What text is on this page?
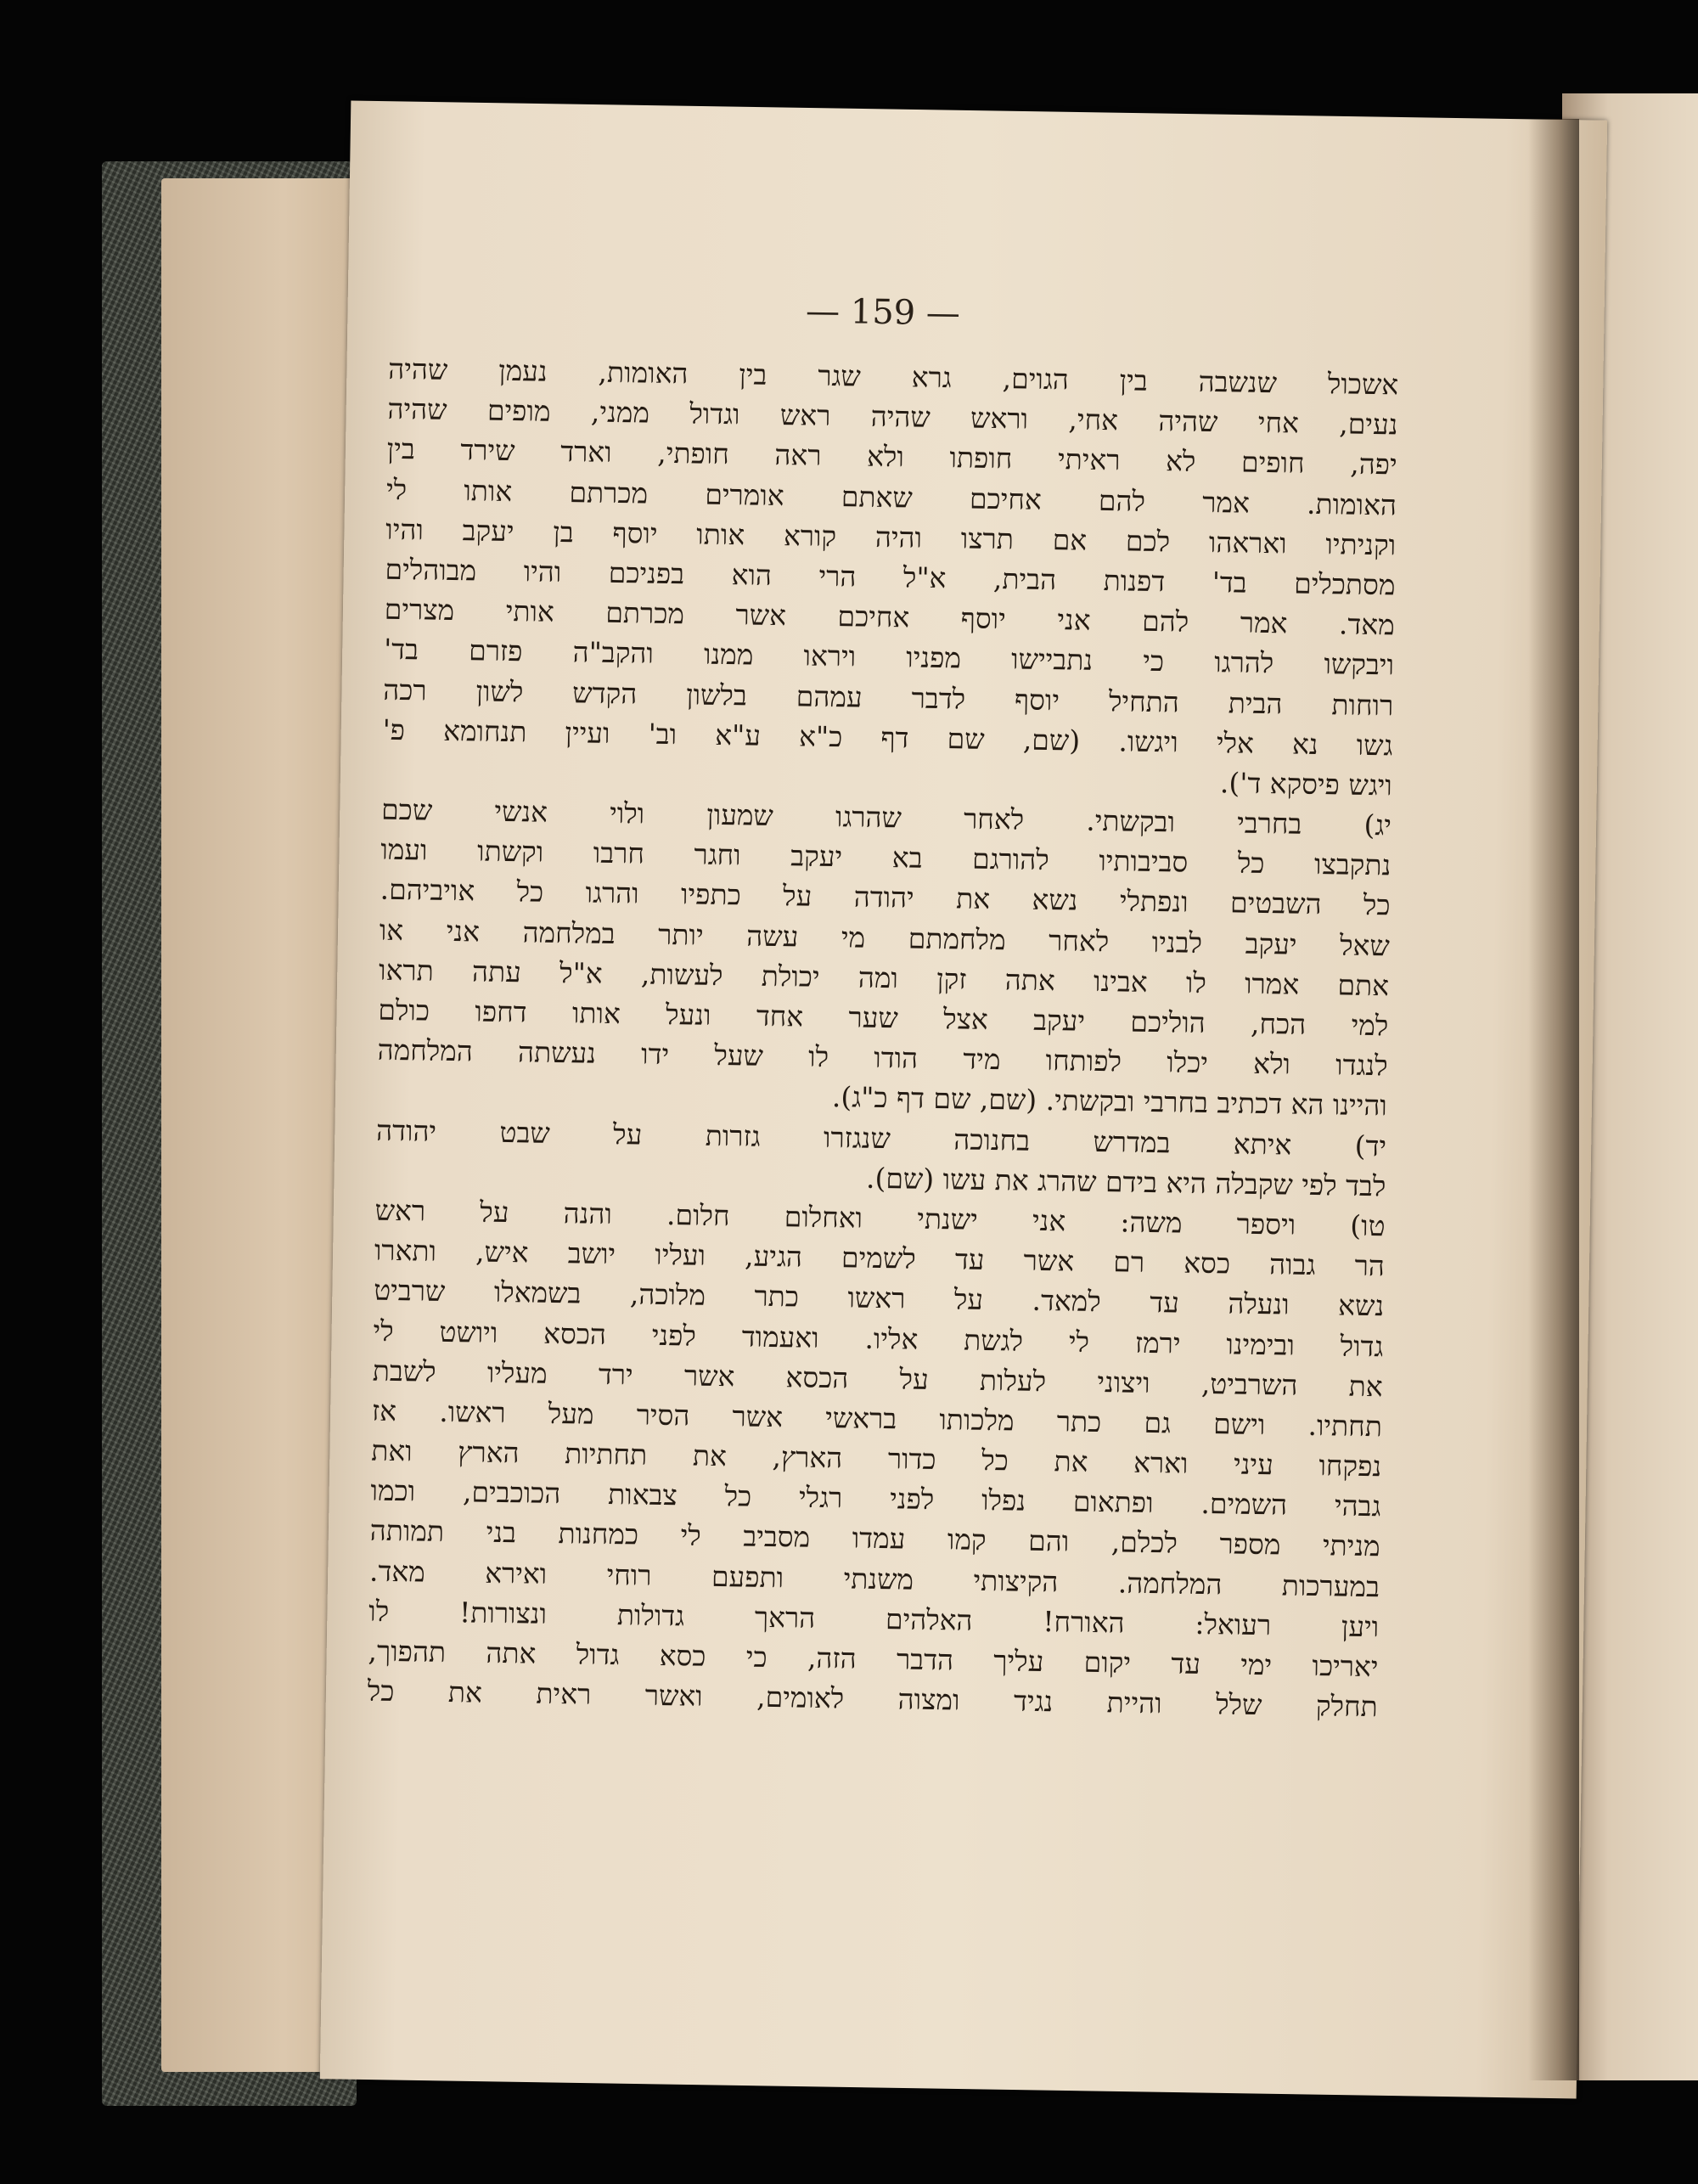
— 159 —
אשכול שנשבה בין הגוים, גרא שגר בין האומות, נעמן שהיה
נעים, אחי שהיה אחי, וראש שהיה ראש וגדול ממני, מופים שהיה
יפה, חופים לא ראיתי חופתו ולא ראה חופתי, וארד שירד בין
האומות. אמר להם אחיכם שאתם אומרים מכרתם אותו לי
וקניתיו ואראהו לכם אם תרצו והיה קורא אותו יוסף בן יעקב והיו
מסתכלים בד' דפנות הבית, א"ל הרי הוא בפניכם והיו מבוהלים
מאד. אמר להם אני יוסף אחיכם אשר מכרתם אותי מצרים
ויבקשו להרגו כי נתביישו מפניו ויראו ממנו והקב"ה פזרם בד'
רוחות הבית התחיל יוסף לדבר עמהם בלשון הקדש לשון רכה
גשו נא אלי ויגשו. (שם, שם דף כ"א ע"א וב' ועיין תנחומא פ'
ויגש פיסקא ד').
יג) בחרבי ובקשתי. לאחר שהרגו שמעון ולוי אנשי שכם
נתקבצו כל סביבותיו להורגם בא יעקב וחגר חרבו וקשתו ועמו
כל השבטים ונפתלי נשא את יהודה על כתפיו והרגו כל אויביהם.
שאל יעקב לבניו לאחר מלחמתם מי עשה יותר במלחמה אני או
אתם אמרו לו אבינו אתה זקן ומה יכולת לעשות, א"ל עתה תראו
למי הכח, הוליכם יעקב אצל שער אחד ונעל אותו דחפו כולם
לנגדו ולא יכלו לפותחו מיד הודו לו שעל ידו נעשתה המלחמה
והיינו הא דכתיב בחרבי ובקשתי. (שם, שם דף כ"ג).
יד) איתא במדרש בחנוכה שנגזרו גזרות על שבט יהודה
לבד לפי שקבלה היא בידם שהרג את עשו (שם).
טו) ויספר משה: אני ישנתי ואחלום חלום. והנה על ראש
הר גבוה כסא רם אשר עד לשמים הגיע, ועליו יושב איש, ותארו
נשא ונעלה עד למאד. על ראשו כתר מלוכה, בשמאלו שרביט
גדול ובימינו ירמז לי לגשת אליו. ואעמוד לפני הכסא ויושט לי
את השרביט, ויצוני לעלות על הכסא אשר ירד מעליו לשבת
תחתיו. וישם גם כתר מלכותו בראשי אשר הסיר מעל ראשו. אז
נפקחו עיני וארא את כל כדור הארץ, את תחתיות הארץ ואת
גבהי השמים. ופתאום נפלו לפני רגלי כל צבאות הכוכבים, וכמו
מניתי מספר לכלם, והם קמו עמדו מסביב לי כמחנות בני תמותה
במערכות המלחמה. הקיצותי משנתי ותפעם רוחי ואירא מאד.
ויען רעואל: האורח! האלהים הראך גדולות ונצורות! לו
יאריכו ימי עד יקום עליך הדבר הזה, כי כסא גדול אתה תהפוך,
תחלק שלל והיית נגיד ומצוה לאומים, ואשר ראית את כל
